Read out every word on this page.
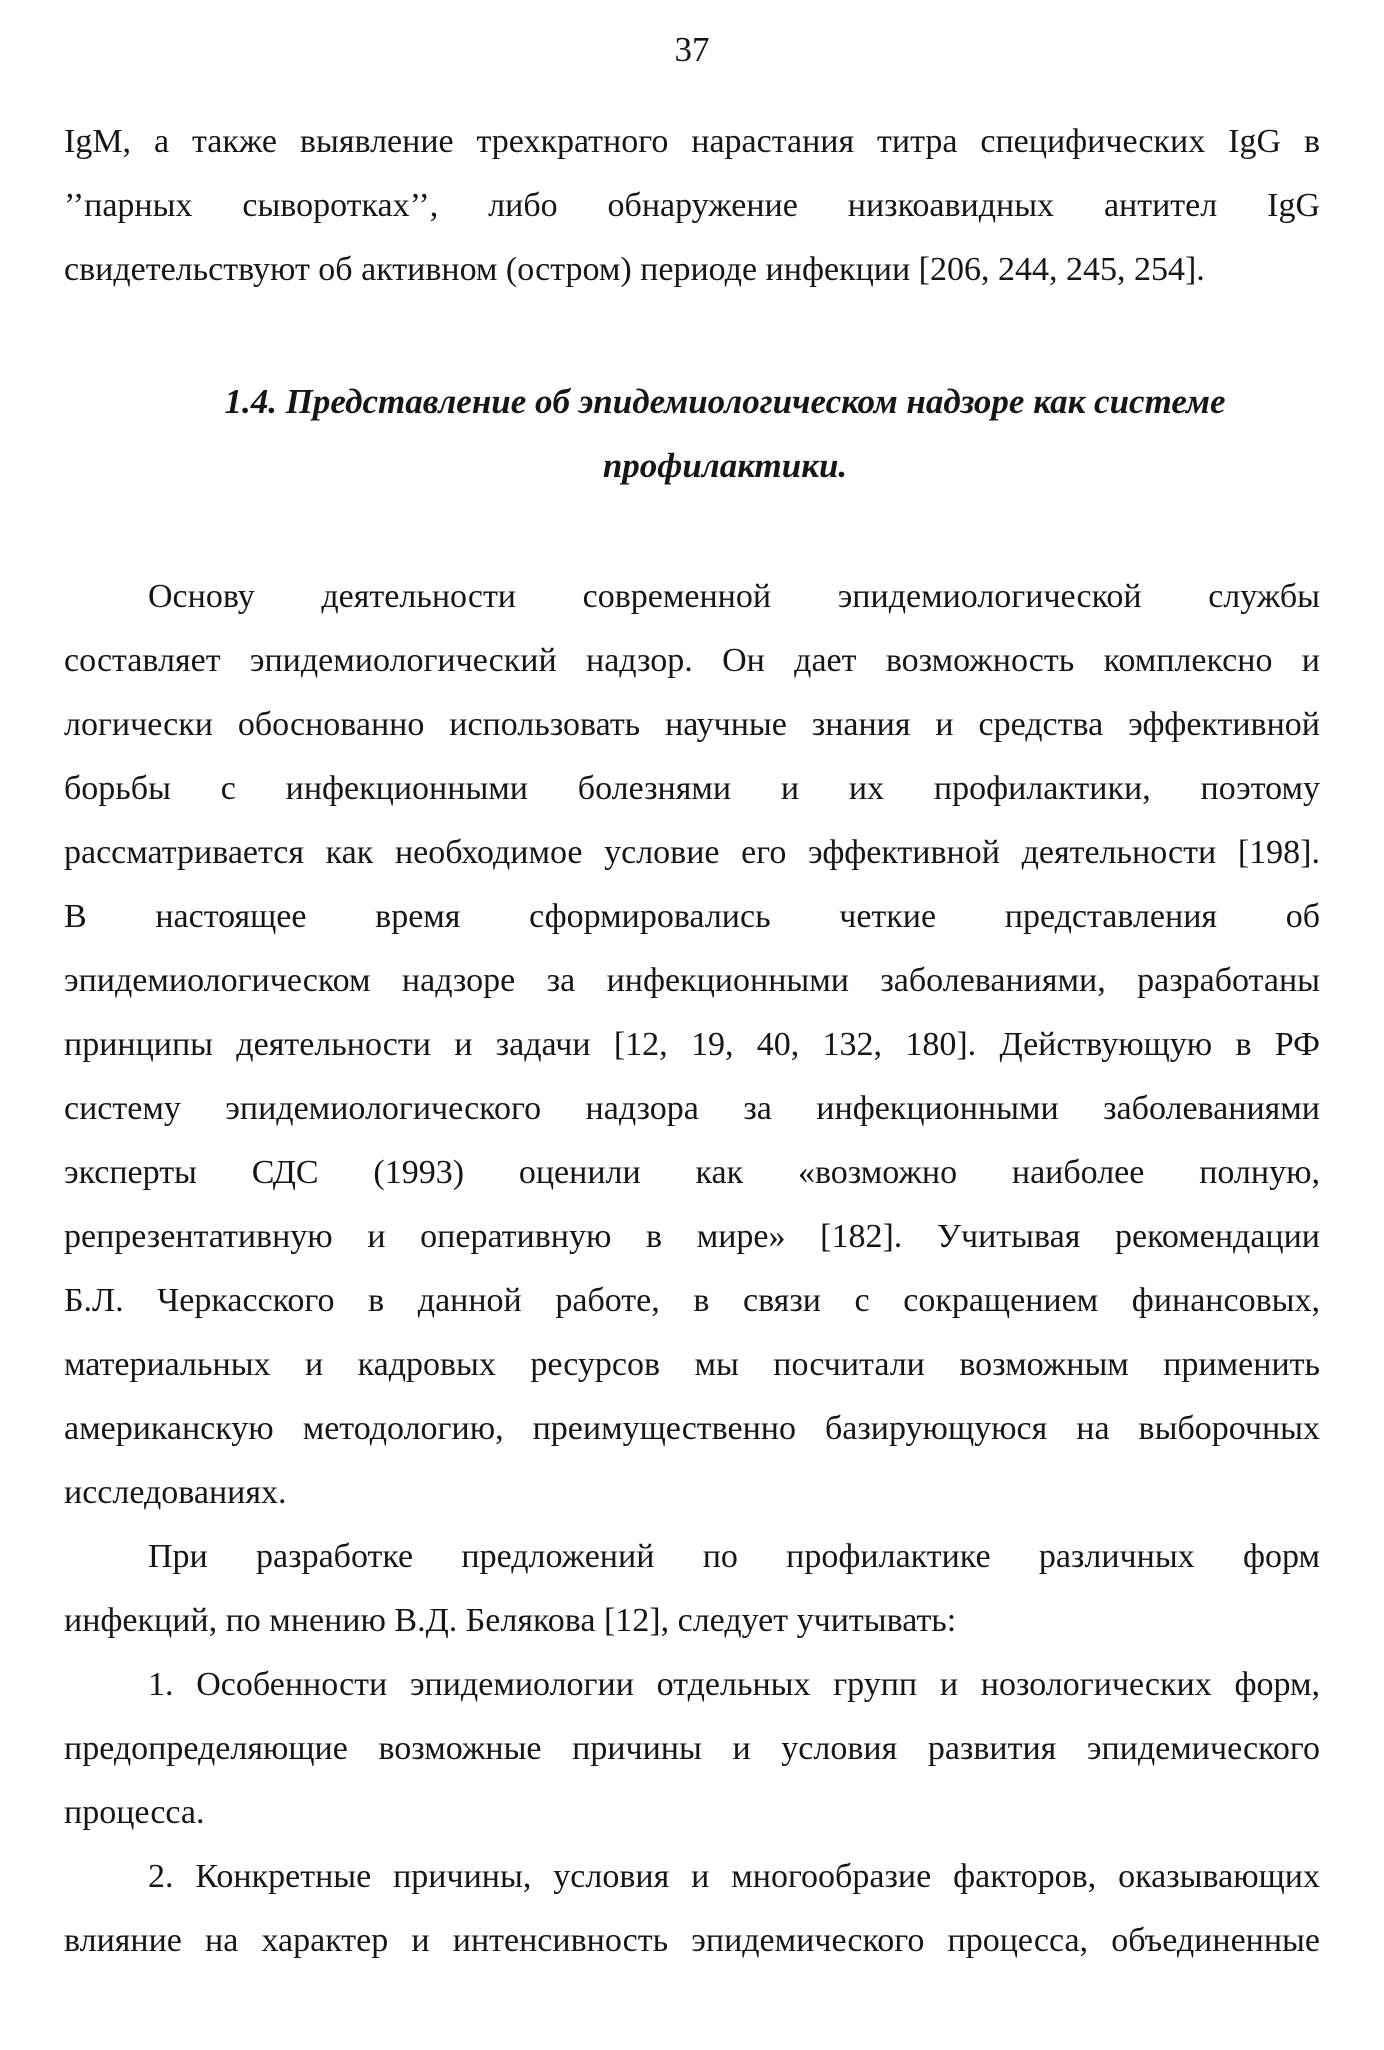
37
IgM, а также выявление трехкратного нарастания титра специфических IgG в
’’парных сыворотках’’, либо обнаружение низкоавидных антител IgG
свидетельствуют об активном (остром) периоде инфекции [206, 244, 245, 254].
1.4. Представление об эпидемиологическом надзоре как системе
профилактики.
Основу деятельности современной эпидемиологической службы
составляет эпидемиологический надзор. Он дает возможность комплексно и
логически обоснованно использовать научные знания и средства эффективной
борьбы с инфекционными болезнями и их профилактики, поэтому
рассматривается как необходимое условие его эффективной деятельности [198].
В настоящее время сформировались четкие представления об
эпидемиологическом надзоре за инфекционными заболеваниями, разработаны
принципы деятельности и задачи [12, 19, 40, 132, 180]. Действующую в РФ
систему эпидемиологического надзора за инфекционными заболеваниями
эксперты СДС (1993) оценили как «возможно наиболее полную,
репрезентативную и оперативную в мире» [182]. Учитывая рекомендации
Б.Л. Черкасского в данной работе, в связи с сокращением финансовых,
материальных и кадровых ресурсов мы посчитали возможным применить
американскую методологию, преимущественно базирующуюся на выборочных
исследованиях.
При разработке предложений по профилактике различных форм
инфекций, по мнению В.Д. Белякова [12], следует учитывать:
1. Особенности эпидемиологии отдельных групп и нозологических форм,
предопределяющие возможные причины и условия развития эпидемического
процесса.
2. Конкретные причины, условия и многообразие факторов, оказывающих
влияние на характер и интенсивность эпидемического процесса, объединенные
